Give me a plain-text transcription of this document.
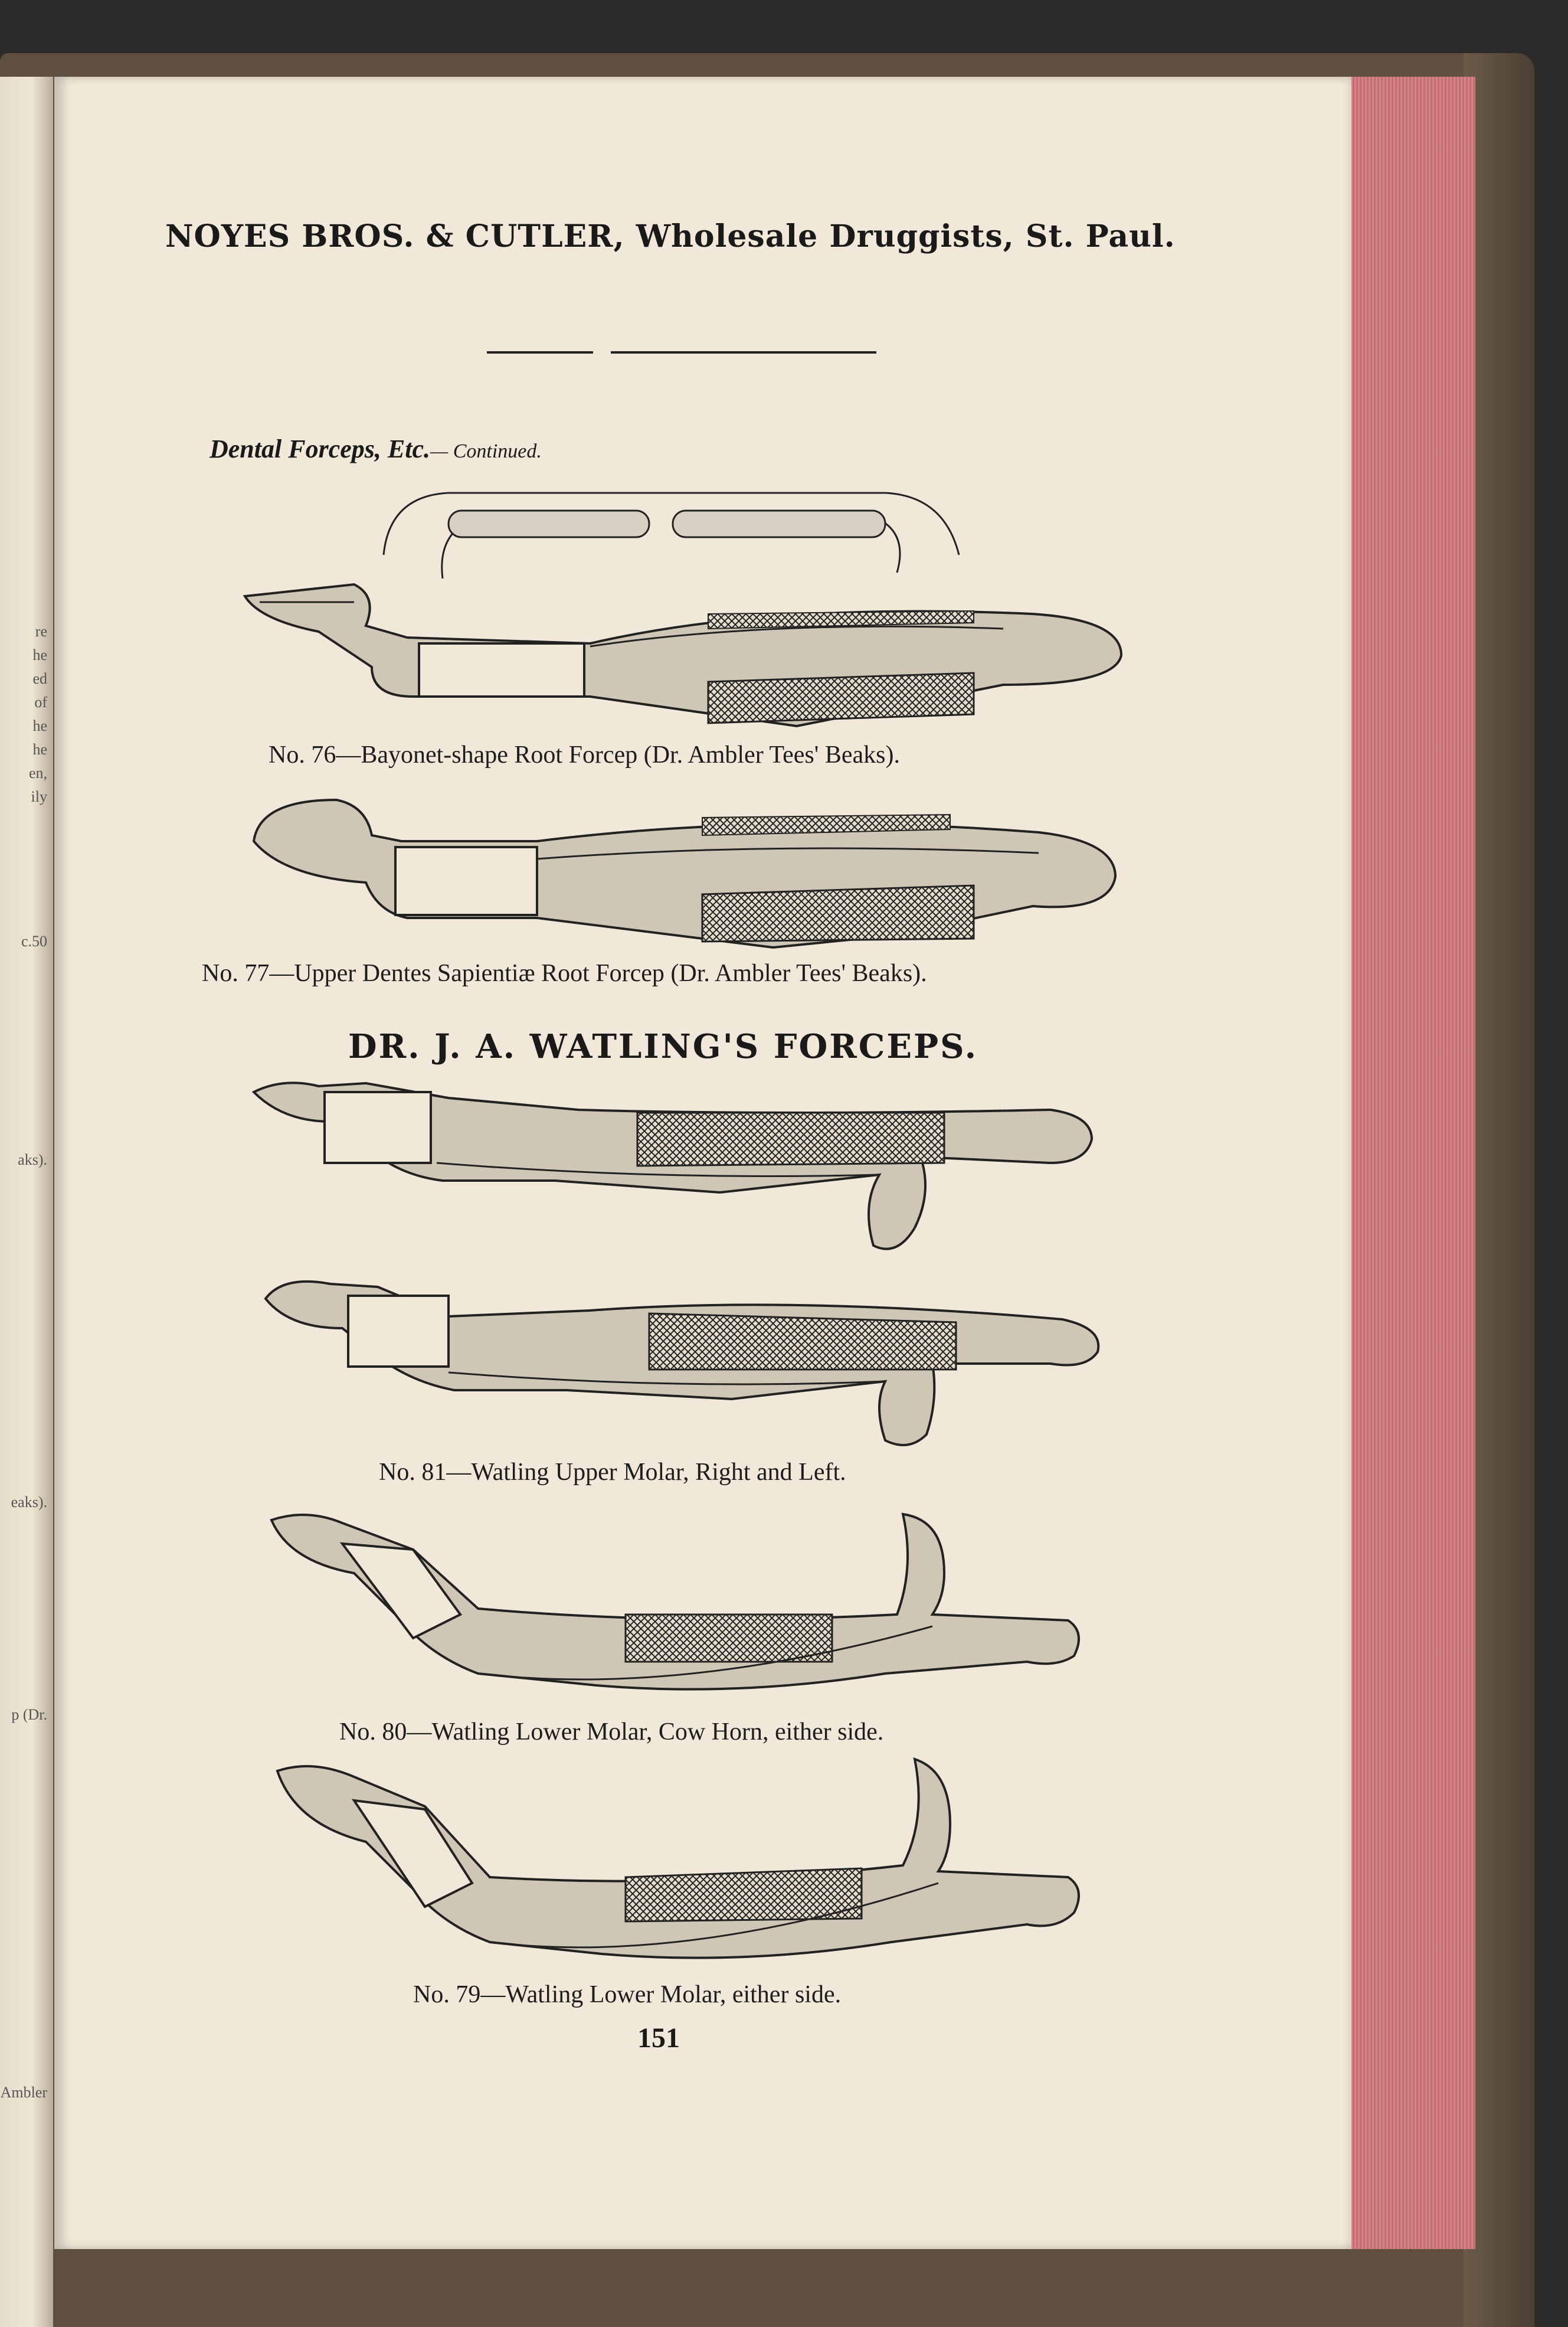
re
he
ed
of
he
he
en,
ily
c.50
aks).
eaks).
p (Dr.
Ambler
NOYES BROS. & CUTLER, Wholesale Druggists, St. Paul.
Dental Forceps, Etc.— Continued.
No. 76—Bayonet-shape Root Forcep (Dr. Ambler Tees' Beaks).
No. 77—Upper Dentes Sapientiæ Root Forcep (Dr. Ambler Tees' Beaks).
DR. J. A. WATLING'S FORCEPS.
No. 81—Watling Upper Molar, Right and Left.
No. 80—Watling Lower Molar, Cow Horn, either side.
No. 79—Watling Lower Molar, either side.
151
